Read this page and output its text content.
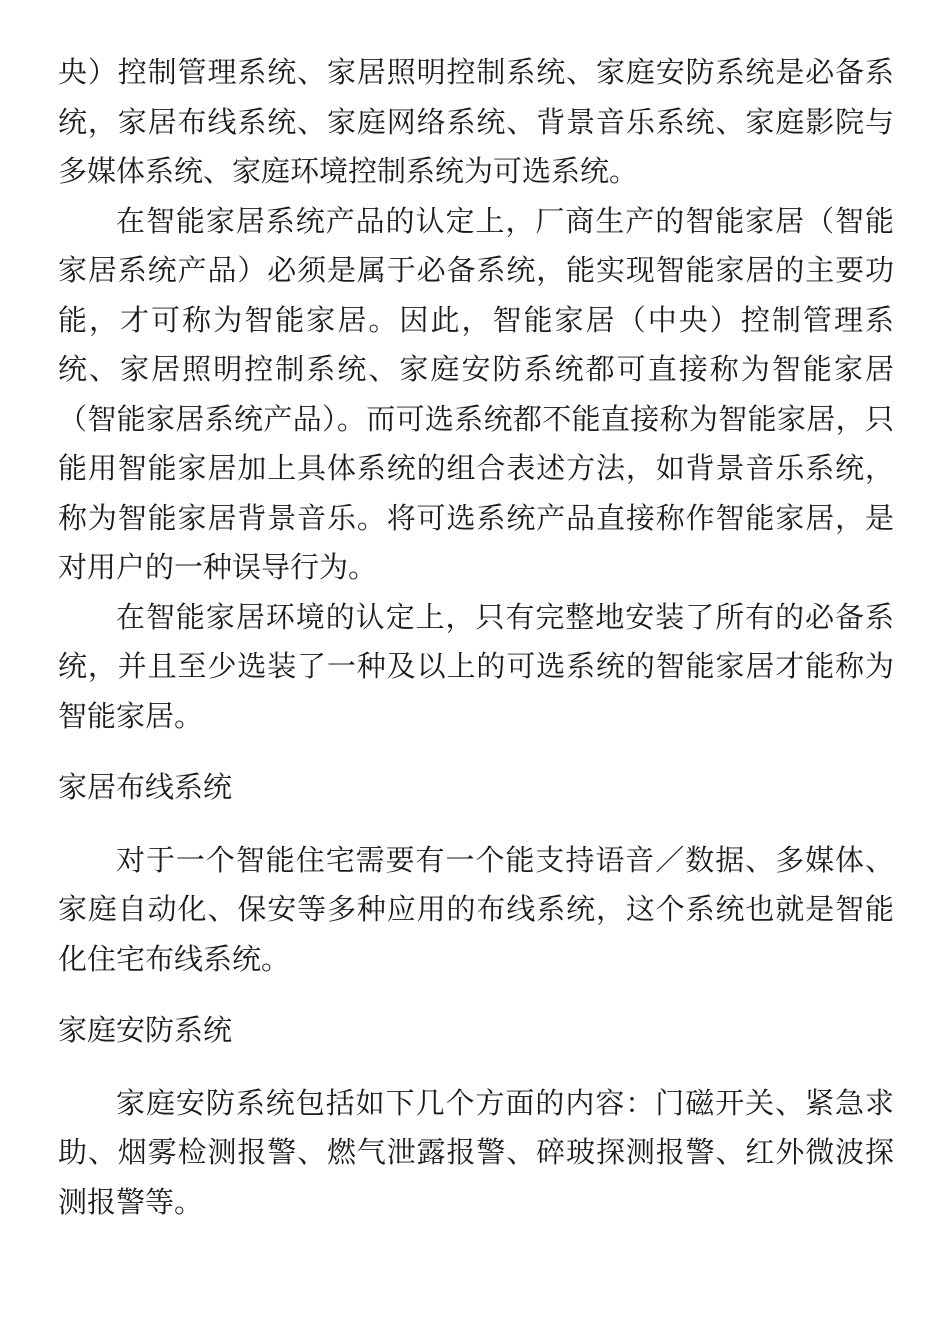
央）控制管理系统、家居照明控制系统、家庭安防系统是必备系统，家居布线系统、家庭网络系统、背景音乐系统、家庭影院与多媒体系统、家庭环境控制系统为可选系统。

在智能家居系统产品的认定上，厂商生产的智能家居（智能家居系统产品）必须是属于必备系统，能实现智能家居的主要功能，才可称为智能家居。因此，智能家居（中央）控制管理系统、家居照明控制系统、家庭安防系统都可直接称为智能家居（智能家居系统产品）。而可选系统都不能直接称为智能家居，只能用智能家居加上具体系统的组合表述方法，如背景音乐系统，称为智能家居背景音乐。将可选系统产品直接称作智能家居，是对用户的一种误导行为。

在智能家居环境的认定上，只有完整地安装了所有的必备系统，并且至少选装了一种及以上的可选系统的智能家居才能称为智能家居。

家居布线系统

对于一个智能住宅需要有一个能支持语音／数据、多媒体、家庭自动化、保安等多种应用的布线系统，这个系统也就是智能化住宅布线系统。

家庭安防系统

家庭安防系统包括如下几个方面的内容：门磁开关、紧急求助、烟雾检测报警、燃气泄露报警、碎玻探测报警、红外微波探测报警等。
